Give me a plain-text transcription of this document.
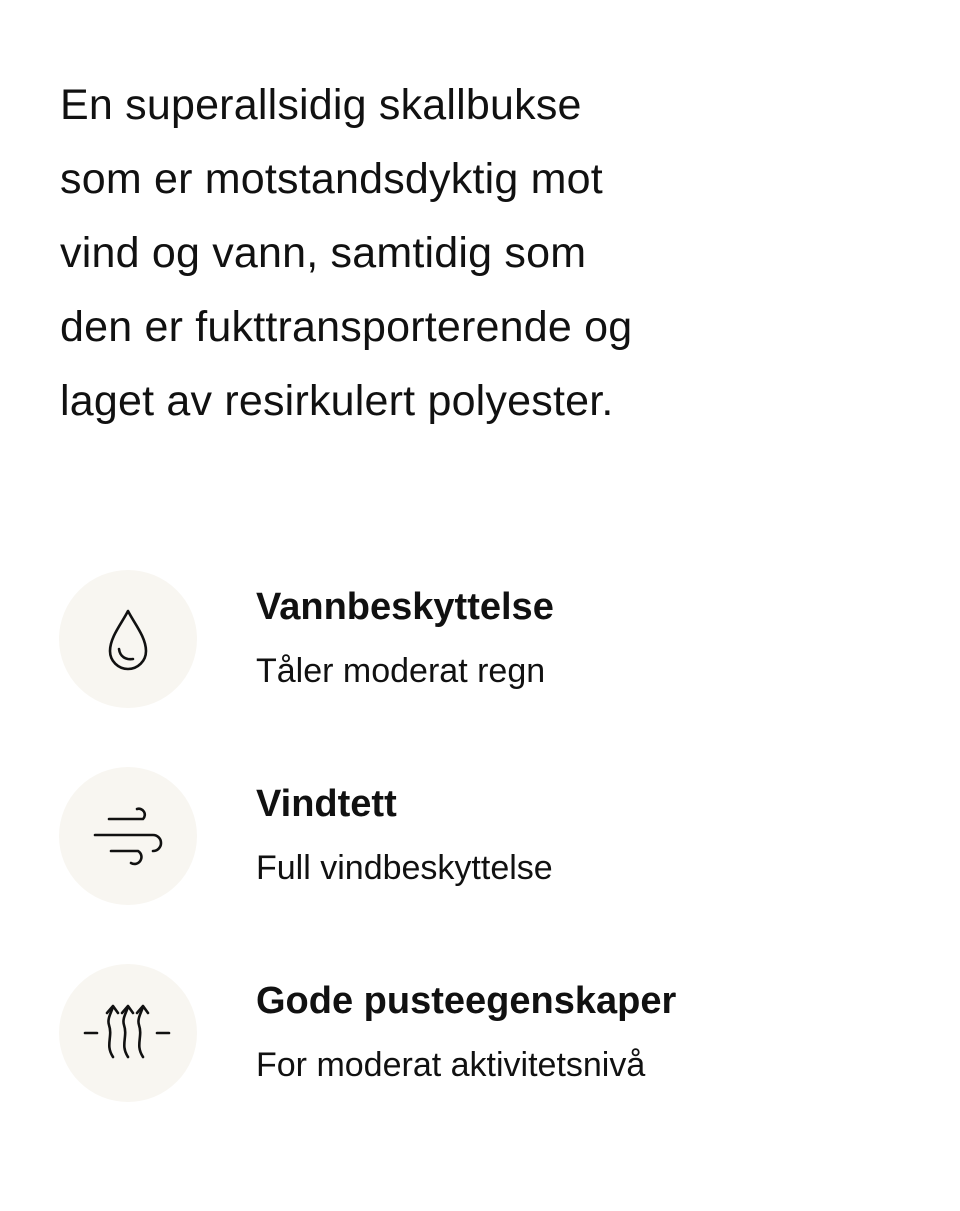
En superallsidig skallbukse
som er motstandsdyktig mot
vind og vann, samtidig som
den er fukttransporterende og
laget av resirkulert polyester.

Vannbeskyttelse
Tåler moderat regn
Vindtett
Full vindbeskyttelse
Gode pusteegenskaper
For moderat aktivitetsnivå
